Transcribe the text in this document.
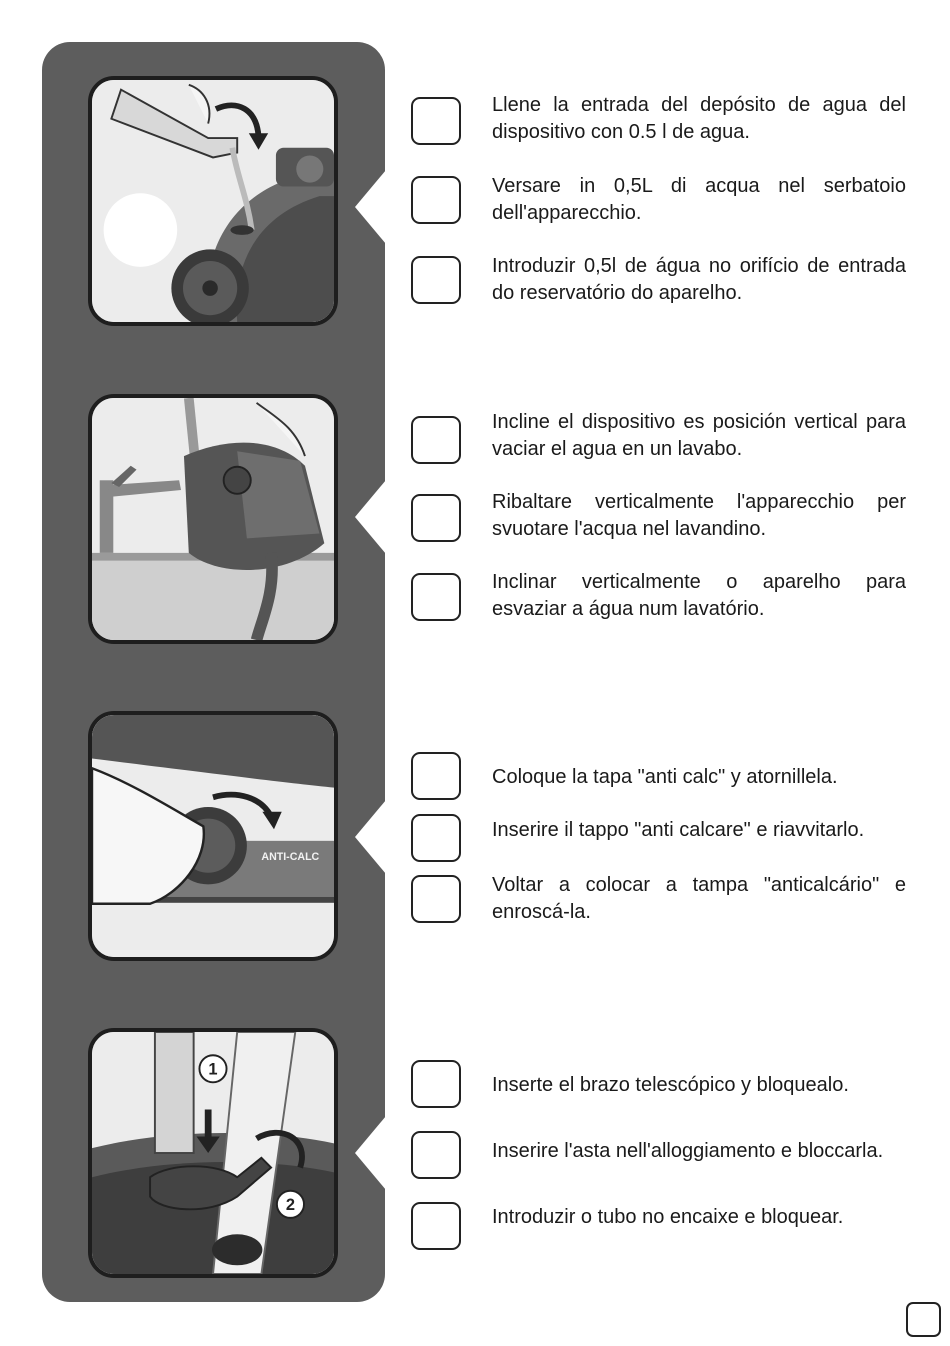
ANTI-CALC
1
2

Llene la entrada del depósito de agua del dispositivo con 0.5 l de agua.

Versare in 0,5L di acqua nel serbatoio dell'apparecchio.

Introduzir 0,5l de água no orifício de entrada do reservatório do aparelho.

Incline el dispositivo es posición vertical para vaciar el agua en un lavabo.

Ribaltare verticalmente l'apparecchio per svuotare l'acqua nel lavandino.

Inclinar verticalmente o aparelho para esvaziar a água num lavatório.

Coloque la tapa "anti calc" y atornillela.

Inserire il tappo "anti calcare" e riavvitarlo.

Voltar a colocar a tampa "anticalcário" e enroscá-la.

Inserte el brazo telescópico y bloquealo.

Inserire l'asta nell'alloggiamento e bloccarla.

Introduzir o tubo no encaixe e bloquear.
